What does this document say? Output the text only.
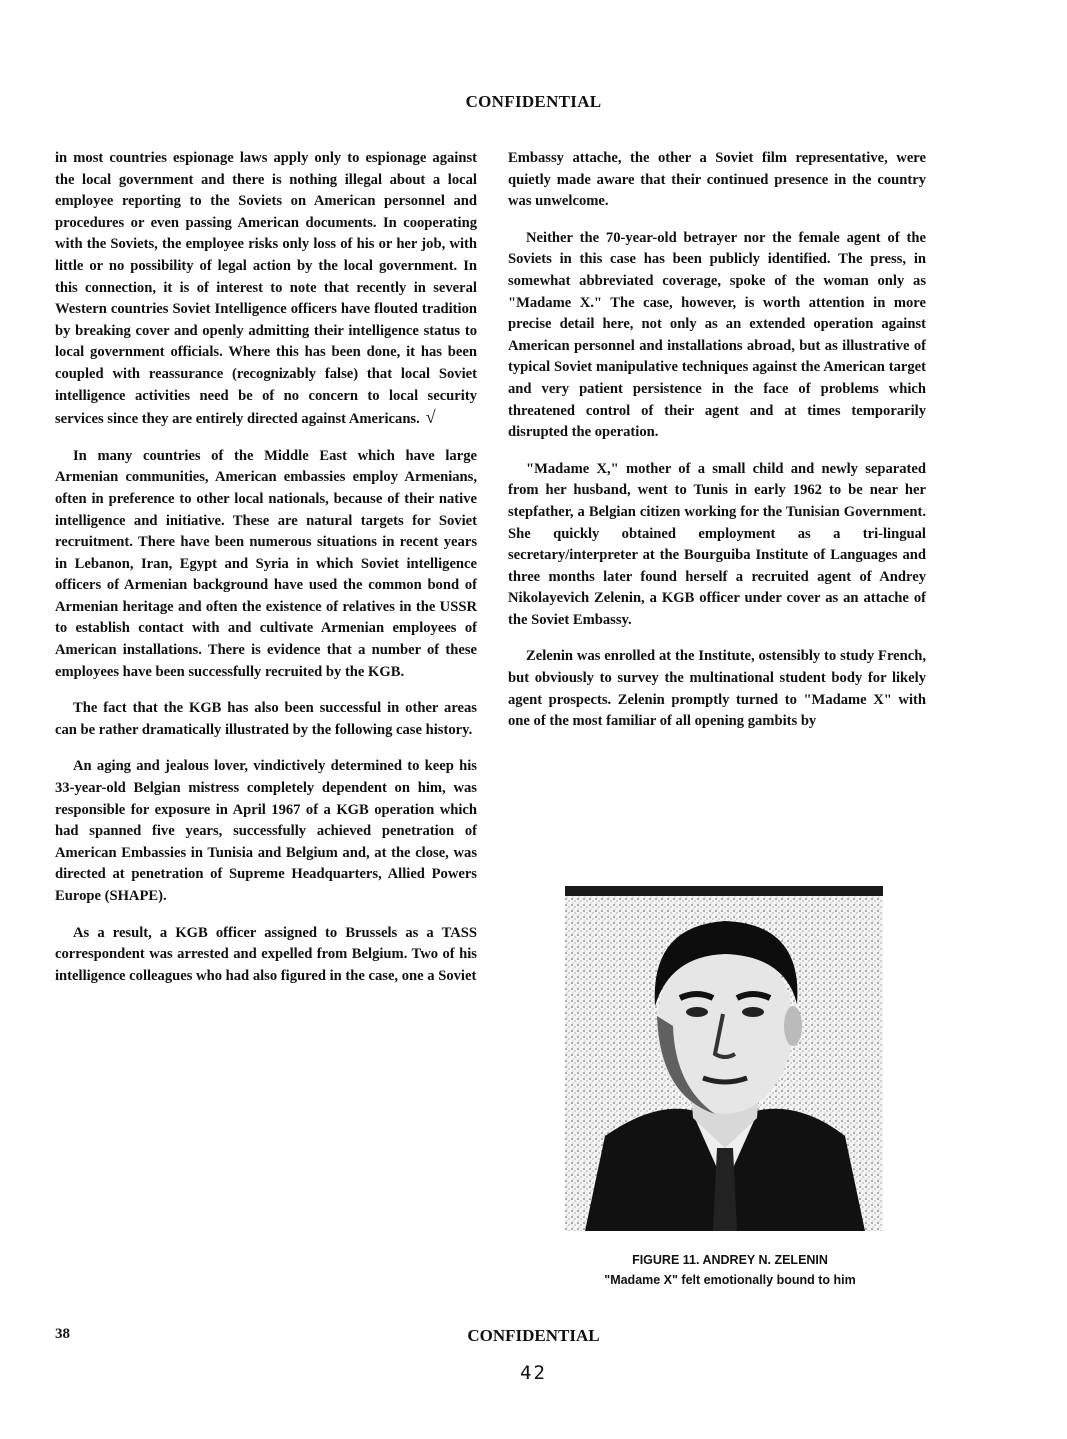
CONFIDENTIAL

in most countries espionage laws apply only to espionage against the local government and there is nothing illegal about a local employee reporting to the Soviets on American personnel and procedures or even passing American documents. In cooperating with the Soviets, the employee risks only loss of his or her job, with little or no possibility of legal action by the local government. In this connection, it is of interest to note that recently in several Western countries Soviet Intelligence officers have flouted tradition by breaking cover and openly admitting their intelligence status to local government officials. Where this has been done, it has been coupled with reassurance (recognizably false) that local Soviet intelligence activities need be of no concern to local security services since they are entirely directed against Americans. √

In many countries of the Middle East which have large Armenian communities, American embassies employ Armenians, often in preference to other local nationals, because of their native intelligence and initiative. These are natural targets for Soviet recruitment. There have been numerous situations in recent years in Lebanon, Iran, Egypt and Syria in which Soviet intelligence officers of Armenian background have used the common bond of Armenian heritage and often the existence of relatives in the USSR to establish contact with and cultivate Armenian employees of American installations. There is evidence that a number of these employees have been successfully recruited by the KGB.

The fact that the KGB has also been successful in other areas can be rather dramatically illustrated by the following case history.

An aging and jealous lover, vindictively determined to keep his 33-year-old Belgian mistress completely dependent on him, was responsible for exposure in April 1967 of a KGB operation which had spanned five years, successfully achieved penetration of American Embassies in Tunisia and Belgium and, at the close, was directed at penetration of Supreme Headquarters, Allied Powers Europe (SHAPE).

As a result, a KGB officer assigned to Brussels as a TASS correspondent was arrested and expelled from Belgium. Two of his intelligence colleagues who had also figured in the case, one a Soviet

Embassy attache, the other a Soviet film representative, were quietly made aware that their continued presence in the country was unwelcome.

Neither the 70-year-old betrayer nor the female agent of the Soviets in this case has been publicly identified. The press, in somewhat abbreviated coverage, spoke of the woman only as "Madame X." The case, however, is worth attention in more precise detail here, not only as an extended operation against American personnel and installations abroad, but as illustrative of typical Soviet manipulative techniques against the American target and very patient persistence in the face of problems which threatened control of their agent and at times temporarily disrupted the operation.

"Madame X," mother of a small child and newly separated from her husband, went to Tunis in early 1962 to be near her stepfather, a Belgian citizen working for the Tunisian Government. She quickly obtained employment as a tri-lingual secretary/interpreter at the Bourguiba Institute of Languages and three months later found herself a recruited agent of Andrey Nikolayevich Zelenin, a KGB officer under cover as an attache of the Soviet Embassy.

Zelenin was enrolled at the Institute, ostensibly to study French, but obviously to survey the multinational student body for likely agent prospects. Zelenin promptly turned to "Madame X" with one of the most familiar of all opening gambits by

FIGURE 11. ANDREY N. ZELENIN
"Madame X" felt emotionally bound to him
38	CONFIDENTIAL
42
